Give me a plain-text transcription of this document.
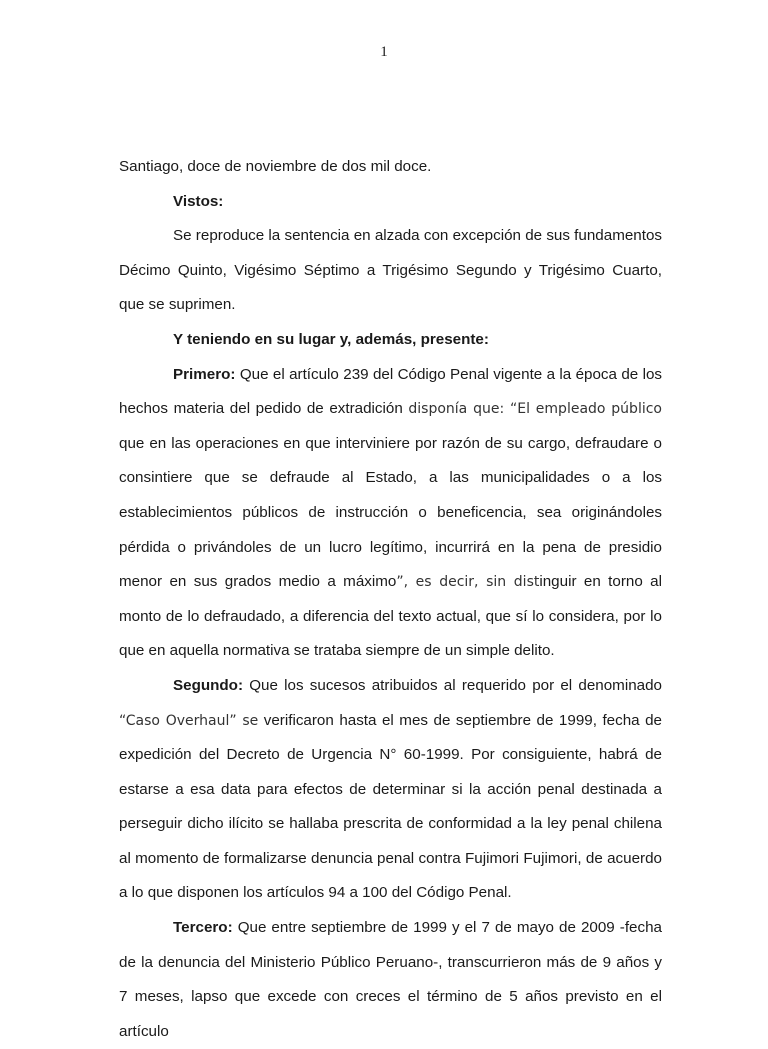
1

Santiago, doce de noviembre de dos mil doce.

Vistos:

Se reproduce la sentencia en alzada con excepción de sus fundamentos Décimo Quinto, Vigésimo Séptimo a Trigésimo Segundo y Trigésimo Cuarto, que se suprimen.

Y teniendo en su lugar y, además, presente:

Primero: Que el artículo 239 del Código Penal vigente a la época de los hechos materia del pedido de extradición disponía que: “El empleado público que en las operaciones en que interviniere por razón de su cargo, defraudare o consintiere que se defraude al Estado, a las municipalidades o a los establecimientos públicos de instrucción o beneficencia, sea originándoles pérdida o privándoles de un lucro legítimo, incurrirá en la pena de presidio menor en sus grados medio a máximo”, es decir, sin distinguir en torno al monto de lo defraudado, a diferencia del texto actual, que sí lo considera, por lo que en aquella normativa se trataba siempre de un simple delito.

Segundo: Que los sucesos atribuidos al requerido por el denominado “Caso Overhaul” se verificaron hasta el mes de septiembre de 1999, fecha de expedición del Decreto de Urgencia N° 60-1999. Por consiguiente, habrá de estarse a esa data para efectos de determinar si la acción penal destinada a perseguir dicho ilícito se hallaba prescrita de conformidad a la ley penal chilena al momento de formalizarse denuncia penal contra Fujimori Fujimori, de acuerdo a lo que disponen los artículos 94 a 100 del Código Penal.

Tercero: Que entre septiembre de 1999 y el 7 de mayo de 2009 -fecha de la denuncia del Ministerio Público Peruano-, transcurrieron más de 9 años y 7 meses, lapso que excede con creces el término de 5 años previsto en el artículo
